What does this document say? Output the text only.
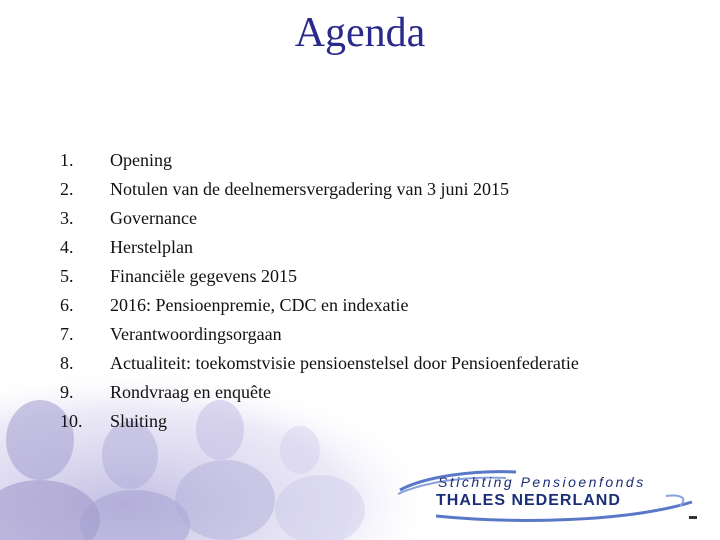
Agenda
1.	Opening
2.	Notulen van de deelnemersvergadering van 3 juni 2015
3.	Governance
4.	Herstelplan
5.	Financiële gegevens 2015
6.	2016: Pensioenpremie, CDC en indexatie
7.	Verantwoordingsorgaan
8.	Actualiteit: toekomstvisie pensioenstelsel door Pensioenfederatie
9.	Rondvraag en enquête
10.	Sluiting
Stichting Pensioenfonds
THALES NEDERLAND
